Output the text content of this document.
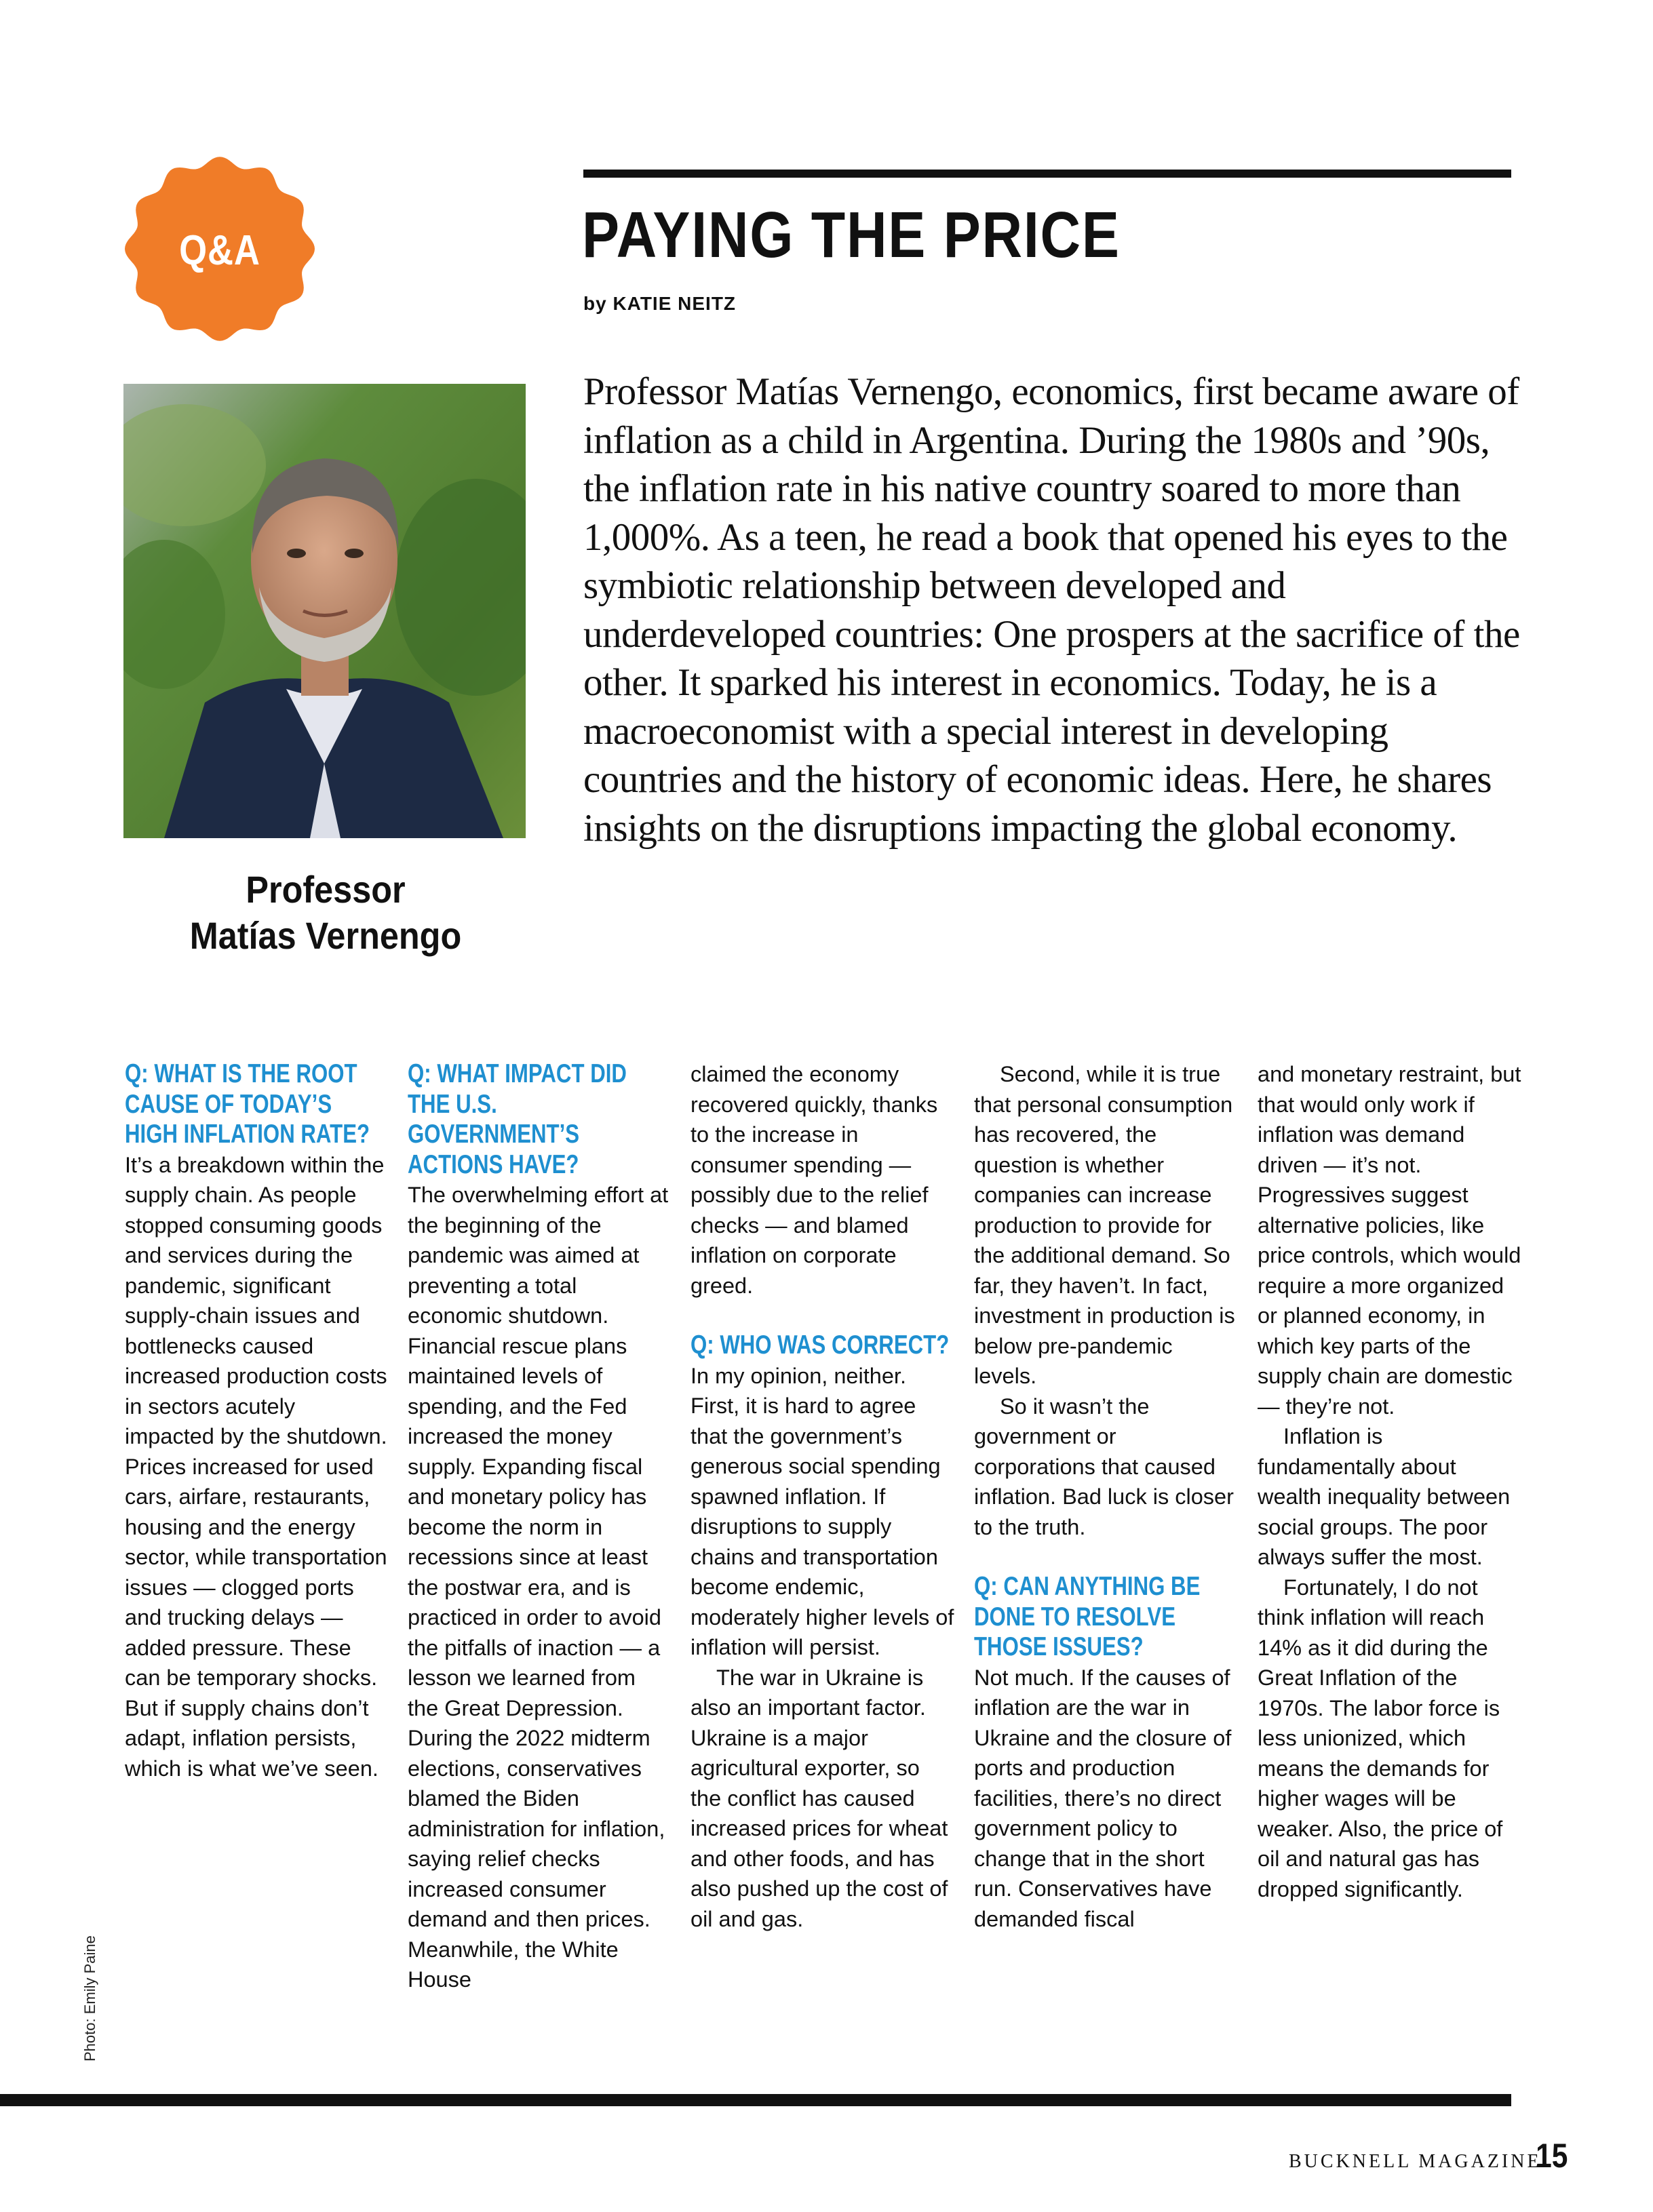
Q&A	PAYING THE PRICE
by KATIE NEITZ

Professor Matías Vernengo, economics, first became aware of inflation as a child in Argentina. During the 1980s and ’90s, the inflation rate in his native country soared to more than 1,000%. As a teen, he read a book that opened his eyes to the symbiotic relationship between developed and underdeveloped countries: One prospers at the sacrifice of the other. It sparked his interest in economics. Today, he is a macroeconomist with a special interest in developing countries and the history of economic ideas. Here, he shares insights on the disruptions impacting the global economy.

Professor
Matías Vernengo

Q: WHAT IS THE ROOT CAUSE OF TODAY’S HIGH INFLATION RATE?

It’s a breakdown within the supply chain. As people stopped consuming goods and services during the pandemic, significant supply-chain issues and bottlenecks caused increased production costs in sectors acutely impacted by the shutdown. Prices increased for used cars, airfare, restaurants, housing and the energy sector, while transportation issues — clogged ports and trucking delays — added pressure. These can be temporary shocks. But if supply chains don’t adapt, inflation persists, which is what we’ve seen.

Q: WHAT IMPACT DID THE U.S. GOVERNMENT’S ACTIONS HAVE?

The overwhelming effort at the beginning of the pandemic was aimed at preventing a total economic shutdown. Financial rescue plans maintained levels of spending, and the Fed increased the money supply. Expanding fiscal and monetary policy has become the norm in recessions since at least the postwar era, and is practiced in order to avoid the pitfalls of inaction — a lesson we learned from the Great Depression. During the 2022 midterm elections, conservatives blamed the Biden administration for inflation, saying relief checks increased consumer demand and then prices. Meanwhile, the White House

claimed the economy recovered quickly, thanks to the increase in consumer spending — possibly due to the relief checks — and blamed inflation on corporate greed.

Q: WHO WAS CORRECT?

In my opinion, neither. First, it is hard to agree that the government’s generous social spending spawned inflation. If disruptions to supply chains and transportation become endemic, moderately higher levels of inflation will persist.

The war in Ukraine is also an important factor. Ukraine is a major agricultural exporter, so the conflict has caused increased prices for wheat and other foods, and has also pushed up the cost of oil and gas.

Second, while it is true that personal consumption has recovered, the question is whether companies can increase production to provide for the additional demand. So far, they haven’t. In fact, investment in production is below pre-pandemic levels.

So it wasn’t the government or corporations that caused inflation. Bad luck is closer to the truth.

Q: CAN ANYTHING BE DONE TO RESOLVE THOSE ISSUES?

Not much. If the causes of inflation are the war in Ukraine and the closure of ports and production facilities, there’s no direct government policy to change that in the short run. Conservatives have demanded fiscal

and monetary restraint, but that would only work if inflation was demand driven — it’s not. Progressives suggest alternative policies, like price controls, which would require a more organized or planned economy, in which key parts of the supply chain are domestic — they’re not.

Inflation is fundamentally about wealth inequality between social groups. The poor always suffer the most.

Fortunately, I do not think inflation will reach 14% as it did during the Great Inflation of the 1970s. The labor force is less unionized, which means the demands for higher wages will be weaker. Also, the price of oil and natural gas has dropped significantly.

Photo: Emily Paine
BUCKNELL MAGAZINE
15
